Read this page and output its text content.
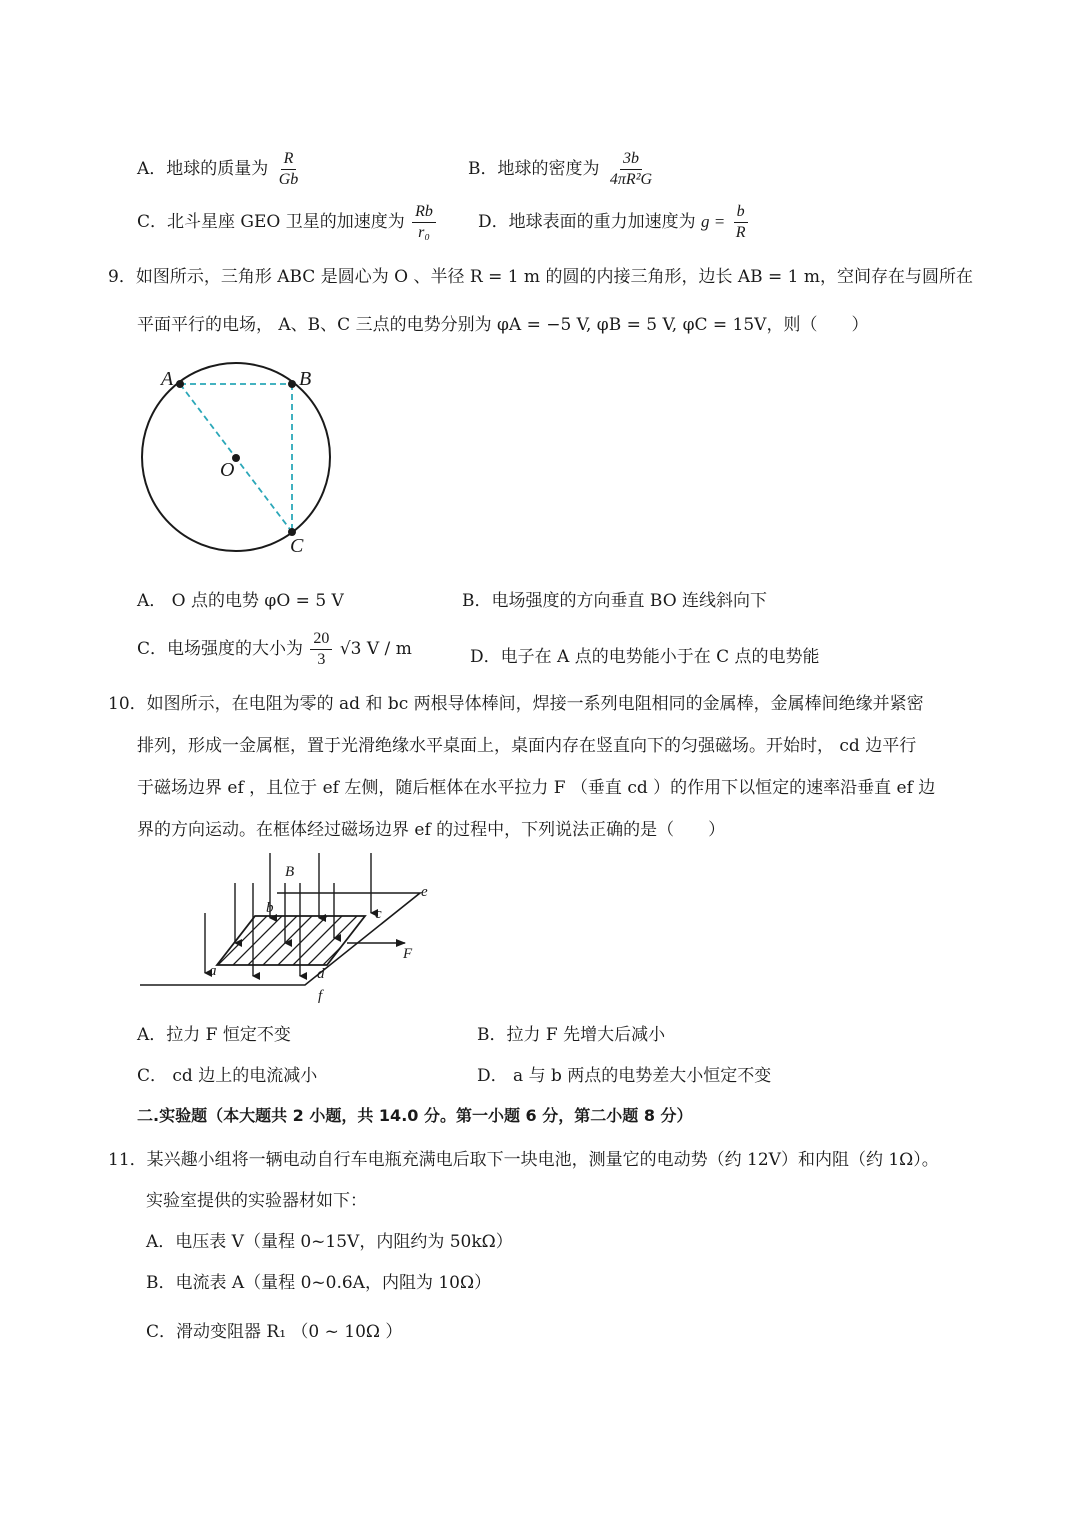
A．地球的质量为 $\frac{R}{Gb}$	B．地球的密度为 $\frac{3b}{\text{4πR²G}}$
C．北斗星座 GEO 卫星的加速度为 $\frac{Rb}{\text{r₀}}$ D．地球表面的重力加速度为 $g = \frac{b}{R}$
9．如图所示，三角形 ABC 是圆心为 O 、半径 R = 1 m 的圆的内接三角形，边长 AB = 1 m，空间存在与圆所在
平面平行的电场， A、B、C 三点的电势分别为 φA = −5 V, φB = 5 V, φC = 15V，则（　　）
A	B
C
O
A． O 点的电势 φO = 5 V	B．电场强度的方向垂直 BO 连线斜向下
C．电场强度的大小为 $\frac{20}{3} √3$ V / m	D．电子在 A 点的电势能小于在 C 点的电势能
10．如图所示，在电阻为零的 ad 和 bc 两根导体棒间，焊接一系列电阻相同的金属棒，金属棒间绝缘并紧密
排列，形成一金属框，置于光滑绝缘水平桌面上，桌面内存在竖直向下的匀强磁场。开始时， cd 边平行
于磁场边界 ef ，且位于 ef 左侧，随后框体在水平拉力 F （垂直 cd ）的作用下以恒定的速率沿垂直 ef 边
界的方向运动。在框体经过磁场边界 ef 的过程中，下列说法正确的是（　　）
B
b	c
e
a	d
f
F
A．拉力 F 恒定不变	B．拉力 F 先增大后减小
C． cd 边上的电流减小	D． a 与 b 两点的电势差大小恒定不变
二.实验题（本大题共 2 小题，共 14.0 分。第一小题 6 分，第二小题 8 分）
11．某兴趣小组将一辆电动自行车电瓶充满电后取下一块电池，测量它的电动势（约 12V）和内阻（约 1Ω）。
实验室提供的实验器材如下：
A．电压表 V（量程 0~15V，内阻约为 50kΩ）
B．电流表 A（量程 0~0.6A，内阻为 10Ω）
C．滑动变阻器 R₁ （0 ~ 10Ω ）
